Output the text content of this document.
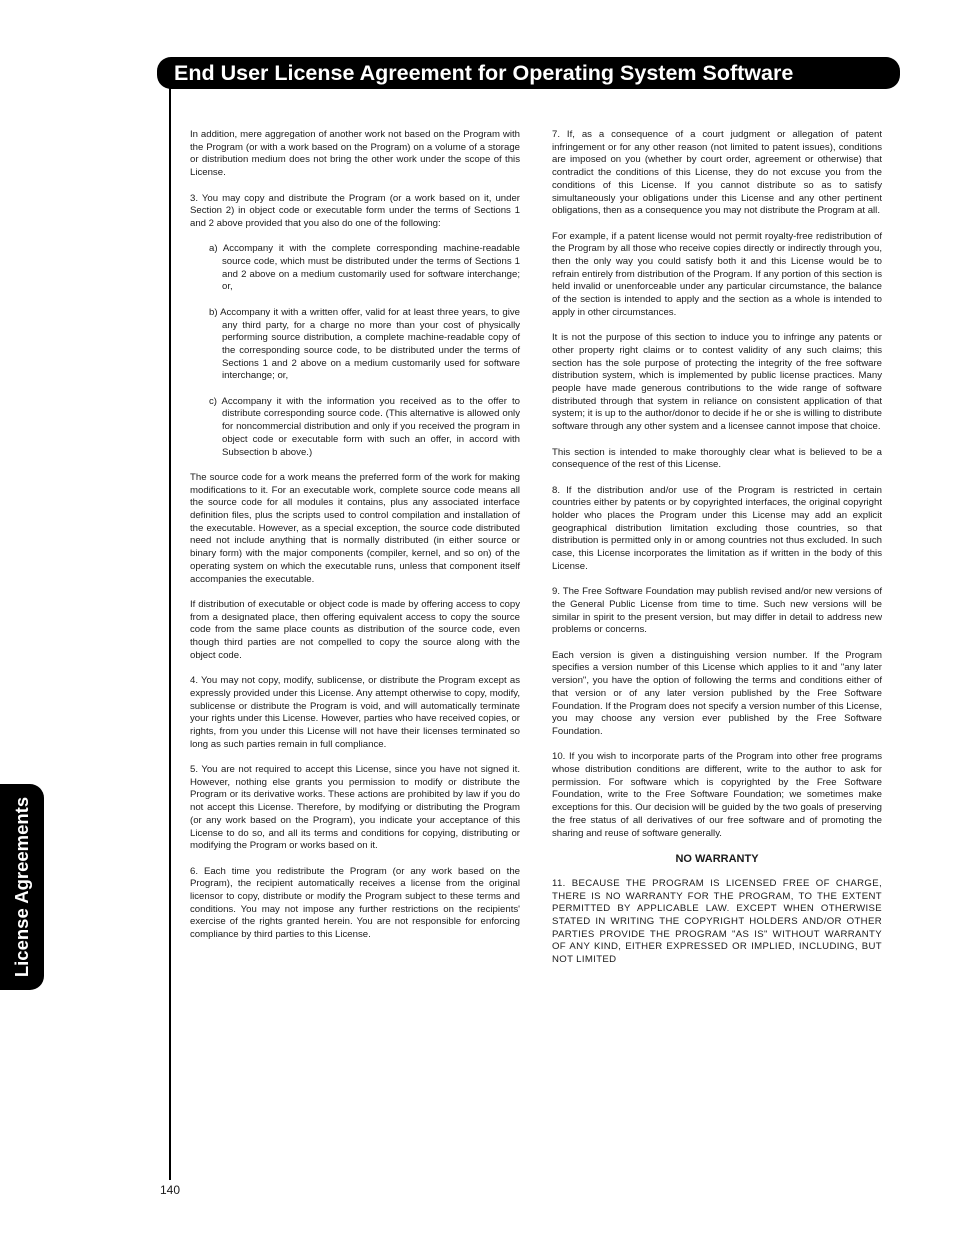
End User License Agreement for Operating System Software
License Agreements

In addition, mere aggregation of another work not based on the Program with the Program (or with a work based on the Program) on a volume of a storage or distribution medium does not bring the other work under the scope of this License.

3. You may copy and distribute the Program (or a work based on it, under Section 2) in object code or executable form under the terms of Sections 1 and 2 above provided that you also do one of the following:

a) Accompany it with the complete corresponding machine-readable source code, which must be distributed under the terms of Sections 1 and 2 above on a medium customarily used for software interchange; or,

b) Accompany it with a written offer, valid for at least three years, to give any third party, for a charge no more than your cost of physically performing source distribution, a complete machine-readable copy of the corresponding source code, to be distributed under the terms of Sections 1 and 2 above on a medium customarily used for software interchange; or,

c) Accompany it with the information you received as to the offer to distribute corresponding source code. (This alternative is allowed only for noncommercial distribution and only if you received the program in object code or executable form with such an offer, in accord with Subsection b above.)

The source code for a work means the preferred form of the work for making modifications to it. For an executable work, complete source code means all the source code for all modules it contains, plus any associated interface definition files, plus the scripts used to control compilation and installation of the executable. However, as a special exception, the source code distributed need not include anything that is normally distributed (in either source or binary form) with the major components (compiler, kernel, and so on) of the operating system on which the executable runs, unless that component itself accompanies the executable.

If distribution of executable or object code is made by offering access to copy from a designated place, then offering equivalent access to copy the source code from the same place counts as distribution of the source code, even though third parties are not compelled to copy the source along with the object code.

4. You may not copy, modify, sublicense, or distribute the Program except as expressly provided under this License. Any attempt otherwise to copy, modify, sublicense or distribute the Program is void, and will automatically terminate your rights under this License. However, parties who have received copies, or rights, from you under this License will not have their licenses terminated so long as such parties remain in full compliance.

5. You are not required to accept this License, since you have not signed it. However, nothing else grants you permission to modify or distribute the Program or its derivative works. These actions are prohibited by law if you do not accept this License. Therefore, by modifying or distributing the Program (or any work based on the Program), you indicate your acceptance of this License to do so, and all its terms and conditions for copying, distributing or modifying the Program or works based on it.

6. Each time you redistribute the Program (or any work based on the Program), the recipient automatically receives a license from the original licensor to copy, distribute or modify the Program subject to these terms and conditions. You may not impose any further restrictions on the recipients' exercise of the rights granted herein. You are not responsible for enforcing compliance by third parties to this License.

7. If, as a consequence of a court judgment or allegation of patent infringement or for any other reason (not limited to patent issues), conditions are imposed on you (whether by court order, agreement or otherwise) that contradict the conditions of this License, they do not excuse you from the conditions of this License. If you cannot distribute so as to satisfy simultaneously your obligations under this License and any other pertinent obligations, then as a consequence you may not distribute the Program at all.

For example, if a patent license would not permit royalty-free redistribution of the Program by all those who receive copies directly or indirectly through you, then the only way you could satisfy both it and this License would be to refrain entirely from distribution of the Program. If any portion of this section is held invalid or unenforceable under any particular circumstance, the balance of the section is intended to apply and the section as a whole is intended to apply in other circumstances.

It is not the purpose of this section to induce you to infringe any patents or other property right claims or to contest validity of any such claims; this section has the sole purpose of protecting the integrity of the free software distribution system, which is implemented by public license practices. Many people have made generous contributions to the wide range of software distributed through that system in reliance on consistent application of that system; it is up to the author/donor to decide if he or she is willing to distribute software through any other system and a licensee cannot impose that choice.

This section is intended to make thoroughly clear what is believed to be a consequence of the rest of this License.

8. If the distribution and/or use of the Program is restricted in certain countries either by patents or by copyrighted interfaces, the original copyright holder who places the Program under this License may add an explicit geographical distribution limitation excluding those countries, so that distribution is permitted only in or among countries not thus excluded. In such case, this License incorporates the limitation as if written in the body of this License.

9. The Free Software Foundation may publish revised and/or new versions of the General Public License from time to time. Such new versions will be similar in spirit to the present version, but may differ in detail to address new problems or concerns.

Each version is given a distinguishing version number. If the Program specifies a version number of this License which applies to it and "any later version", you have the option of following the terms and conditions either of that version or of any later version published by the Free Software Foundation. If the Program does not specify a version number of this License, you may choose any version ever published by the Free Software Foundation.

10. If you wish to incorporate parts of the Program into other free programs whose distribution conditions are different, write to the author to ask for permission. For software which is copyrighted by the Free Software Foundation, write to the Free Software Foundation; we sometimes make exceptions for this. Our decision will be guided by the two goals of preserving the free status of all derivatives of our free software and of promoting the sharing and reuse of software generally.

NO WARRANTY

11. BECAUSE THE PROGRAM IS LICENSED FREE OF CHARGE, THERE IS NO WARRANTY FOR THE PROGRAM, TO THE EXTENT PERMITTED BY APPLICABLE LAW. EXCEPT WHEN OTHERWISE STATED IN WRITING THE COPYRIGHT HOLDERS AND/OR OTHER PARTIES PROVIDE THE PROGRAM "AS IS" WITHOUT WARRANTY OF ANY KIND, EITHER EXPRESSED OR IMPLIED, INCLUDING, BUT NOT LIMITED

140
